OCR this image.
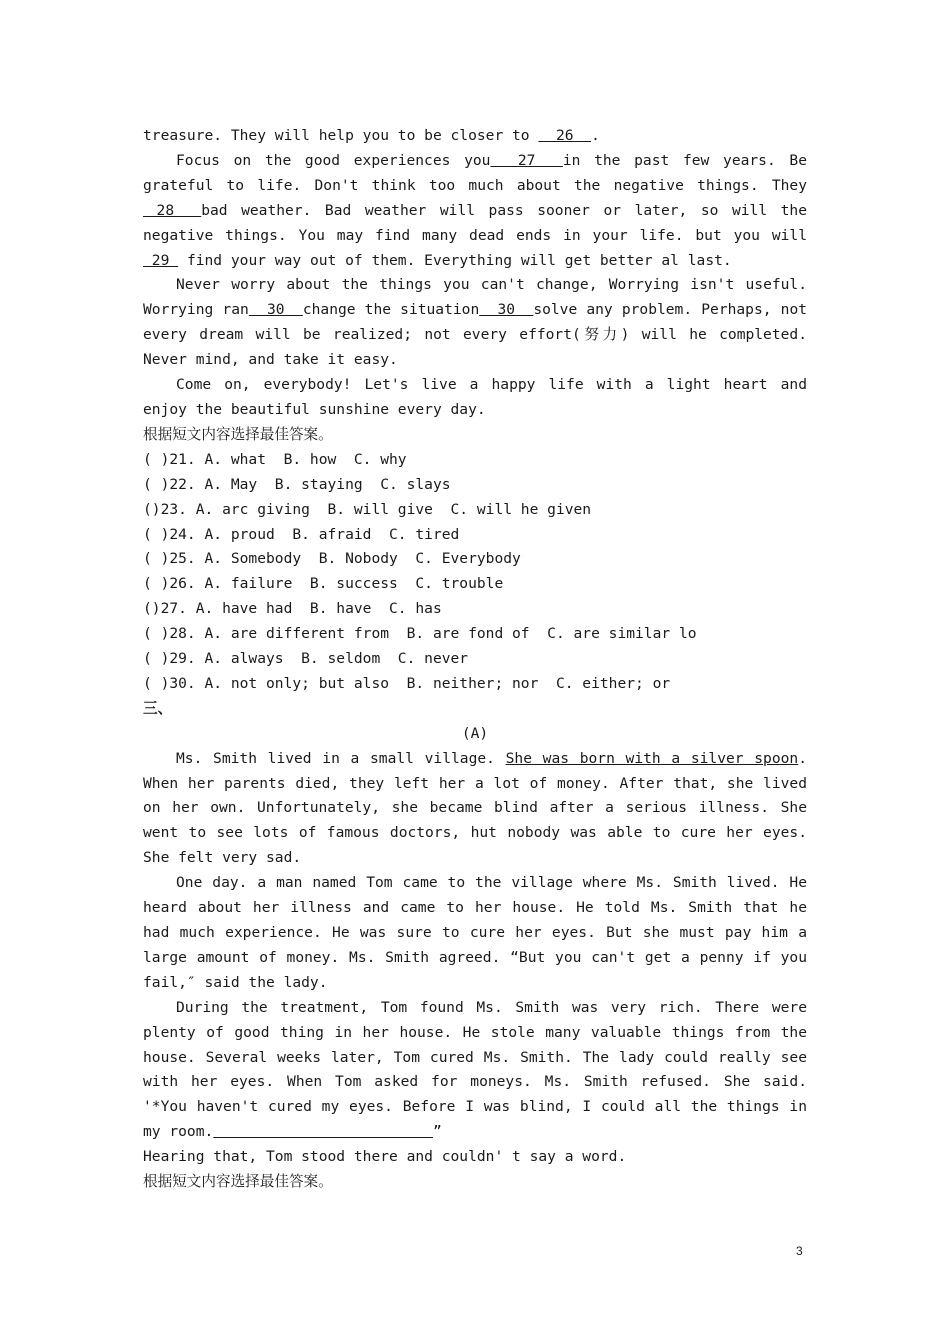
treasure. They will help you to be closer to   26  .

Focus on the good experiences you  27  in the past few years. Be grateful to life. Don't think too much about the negative things. They 28  bad weather. Bad weather will pass sooner or later, so will the negative things. You may find many dead ends in your life. but you will  29  find your way out of them. Everything will get better al last.

Never worry about the things you can't change, Worrying isn't useful. Worrying ran  30  change the situation  30  solve any problem. Perhaps, not every dream will be realized; not every effort(努力) will he completed. Never mind, and take it easy.

Come on, everybody! Let's live a happy life with a light heart and enjoy the beautiful sunshine every day.

根据短文内容选择最佳答案。

( )21. A. what  B. how  C. why

( )22. A. May  B. staying  C. slays

()23. A. arc giving  B. will give  C. will he given

( )24. A. proud  B. afraid  C. tired

( )25. A. Somebody  B. Nobody  C. Everybody

( )26. A. failure  B. success  C. trouble

()27. A. have had  B. have  C. has

( )28. A. are different from  B. are fond of  C. are similar lo

( )29. A. always  B. seldom  C. never

( )30. A. not only; but also  B. neither; nor  C. either; or

三、

(A)

Ms. Smith lived in a small village. She was born with a silver spoon. When her parents died, they left her a lot of money. After that, she lived on her own. Unfortunately, she became blind after a serious illness. She went to see lots of famous doctors, hut nobody was able to cure her eyes. She felt very sad.

One day. a man named Tom came to the village where Ms. Smith lived. He heard about her illness and came to her house. He told Ms. Smith that he had much experience. He was sure to cure her eyes. But she must pay him a large amount of money. Ms. Smith agreed. “But you can't get a penny if you fail,″ said the lady.

During the treatment, Tom found Ms. Smith was very rich. There were plenty of good thing in her house. He stole many valuable things from the house. Several weeks later, Tom cured Ms. Smith. The lady could really see with her eyes. When Tom asked for moneys. Ms. Smith refused. She said. '*You haven't cured my eyes. Before I was blind, I could all the things in my room.	”

Hearing that, Tom stood there and couldn' t say a word.

根据短文内容选择最佳答案。

3
